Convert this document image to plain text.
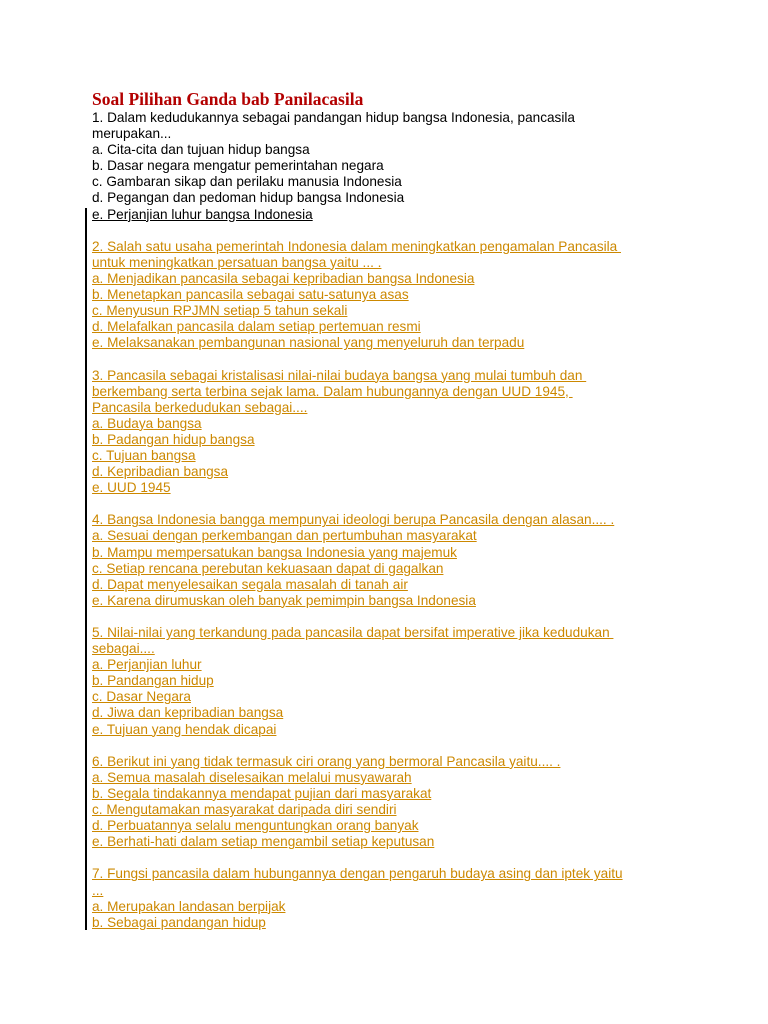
Soal Pilihan Ganda bab Panilacasila
1. Dalam kedudukannya sebagai pandangan hidup bangsa Indonesia, pancasila
merupakan...
a. Cita-cita dan tujuan hidup bangsa
b. Dasar negara mengatur pemerintahan negara
c. Gambaran sikap dan perilaku manusia Indonesia
d. Pegangan dan pedoman hidup bangsa Indonesia
e. Perjanjian luhur bangsa Indonesia
2. Salah satu usaha pemerintah Indonesia dalam meningkatkan pengamalan Pancasila
untuk meningkatkan persatuan bangsa yaitu ... .
a. Menjadikan pancasila sebagai kepribadian bangsa Indonesia
b. Menetapkan pancasila sebagai satu-satunya asas
c. Menyusun RPJMN setiap 5 tahun sekali
d. Melafalkan pancasila dalam setiap pertemuan resmi
e. Melaksanakan pembangunan nasional yang menyeluruh dan terpadu
3. Pancasila sebagai kristalisasi nilai-nilai budaya bangsa yang mulai tumbuh dan
berkembang serta terbina sejak lama. Dalam hubungannya dengan UUD 1945,
Pancasila berkedudukan sebagai....
a. Budaya bangsa
b. Padangan hidup bangsa
c. Tujuan bangsa
d. Kepribadian bangsa
e. UUD 1945
4. Bangsa Indonesia bangga mempunyai ideologi berupa Pancasila dengan alasan.... .
a. Sesuai dengan perkembangan dan pertumbuhan masyarakat
b. Mampu mempersatukan bangsa Indonesia yang majemuk
c. Setiap rencana perebutan kekuasaan dapat di gagalkan
d. Dapat menyelesaikan segala masalah di tanah air
e. Karena dirumuskan oleh banyak pemimpin bangsa Indonesia
5. Nilai-nilai yang terkandung pada pancasila dapat bersifat imperative jika kedudukan
sebagai....
a. Perjanjian luhur
b. Pandangan hidup
c. Dasar Negara
d. Jiwa dan kepribadian bangsa
e. Tujuan yang hendak dicapai
6. Berikut ini yang tidak termasuk ciri orang yang bermoral Pancasila yaitu.... .
a. Semua masalah diselesaikan melalui musyawarah
b. Segala tindakannya mendapat pujian dari masyarakat
c. Mengutamakan masyarakat daripada diri sendiri
d. Perbuatannya selalu menguntungkan orang banyak
e. Berhati-hati dalam setiap mengambil setiap keputusan
7. Fungsi pancasila dalam hubungannya dengan pengaruh budaya asing dan iptek yaitu
...
a. Merupakan landasan berpijak
b. Sebagai pandangan hidup
